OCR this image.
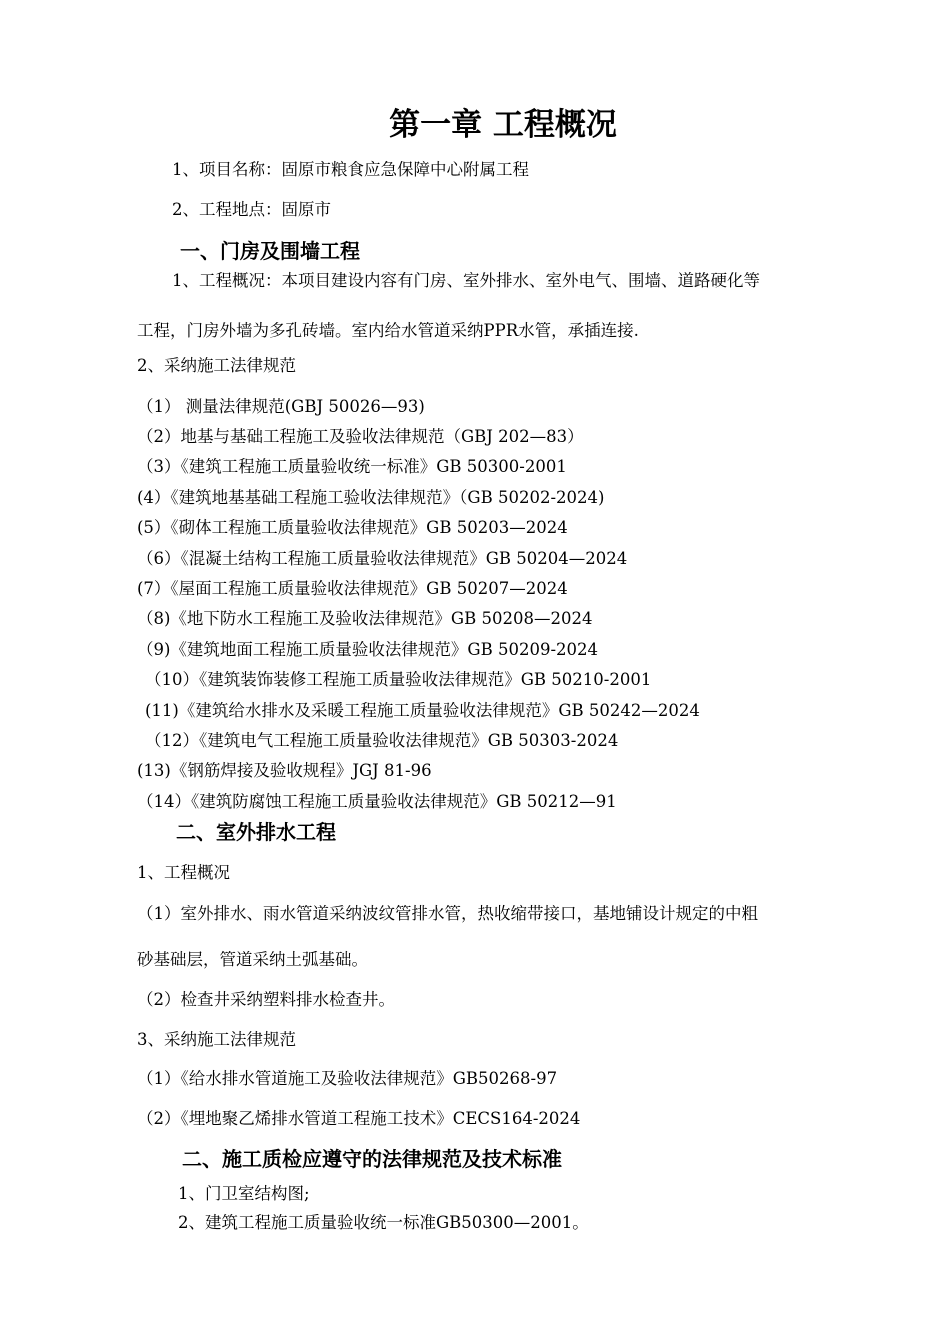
第一章 工程概况
1、项目名称：固原市粮食应急保障中心附属工程
2、工程地点：固原市
一、门房及围墙工程
1、工程概况：本项目建设内容有门房、室外排水、室外电气、围墙、道路硬化等
工程，门房外墙为多孔砖墙。室内给水管道采纳PPR水管，承插连接.
2、采纳施工法律规范
（1） 测量法律规范(GBJ 50026—93)
（2）地基与基础工程施工及验收法律规范（GBJ 202—83）
（3）《建筑工程施工质量验收统一标准》GB 50300-2001
(4）《建筑地基基础工程施工验收法律规范》（GB 50202-2024)
(5）《砌体工程施工质量验收法律规范》GB 50203—2024
（6）《混凝土结构工程施工质量验收法律规范》GB 50204—2024
(7）《屋面工程施工质量验收法律规范》GB 50207—2024
（8)《地下防水工程施工及验收法律规范》GB 50208—2024
（9)《建筑地面工程施工质量验收法律规范》GB 50209-2024
（10）《建筑装饰装修工程施工质量验收法律规范》GB 50210-2001
(11)《建筑给水排水及采暖工程施工质量验收法律规范》GB 50242—2024
（12）《建筑电气工程施工质量验收法律规范》GB 50303-2024
(13)《钢筋焊接及验收规程》JGJ 81-96
（14）《建筑防腐蚀工程施工质量验收法律规范》GB 50212—91
二、室外排水工程
1、工程概况
（1）室外排水、雨水管道采纳波纹管排水管，热收缩带接口，基地铺设计规定的中粗
砂基础层，管道采纳土弧基础。
（2）检查井采纳塑料排水检查井。
3、采纳施工法律规范
（1）《给水排水管道施工及验收法律规范》GB50268-97
（2）《埋地聚乙烯排水管道工程施工技术》CECS164-2024
二、施工质检应遵守的法律规范及技术标准
1、门卫室结构图;
2、建筑工程施工质量验收统一标准GB50300—2001。
